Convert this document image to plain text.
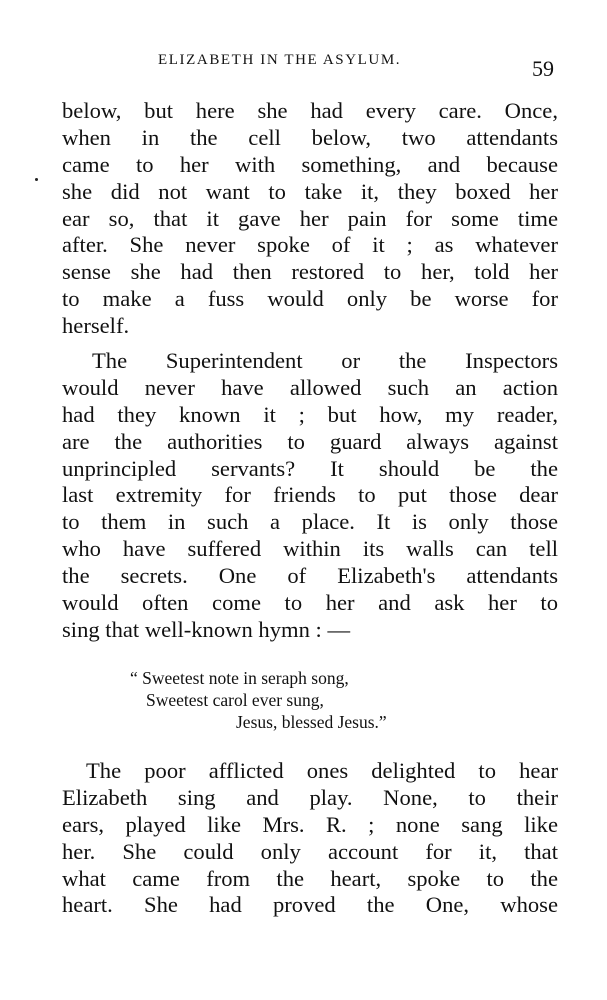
ELIZABETH IN THE ASYLUM.	59
below, but here she had every care. Once,
when in the cell below, two attendants
came to her with something, and because
she did not want to take it, they boxed her
ear so, that it gave her pain for some time
after. She never spoke of it ; as whatever
sense she had then restored to her, told her
to make a fuss would only be worse for
herself.
The Superintendent or the Inspectors
would never have allowed such an action
had they known it ; but how, my reader,
are the authorities to guard always against
unprincipled servants? It should be the
last extremity for friends to put those dear
to them in such a place. It is only those
who have suffered within its walls can tell
the secrets. One of Elizabeth's attendants
would often come to her and ask her to
sing that well-known hymn : —
“ Sweetest note in seraph song,
Sweetest carol ever sung,
Jesus, blessed Jesus.”
The poor afflicted ones delighted to hear
Elizabeth sing and play. None, to their
ears, played like Mrs. R. ; none sang like
her. She could only account for it, that
what came from the heart, spoke to the
heart. She had proved the One, whose
